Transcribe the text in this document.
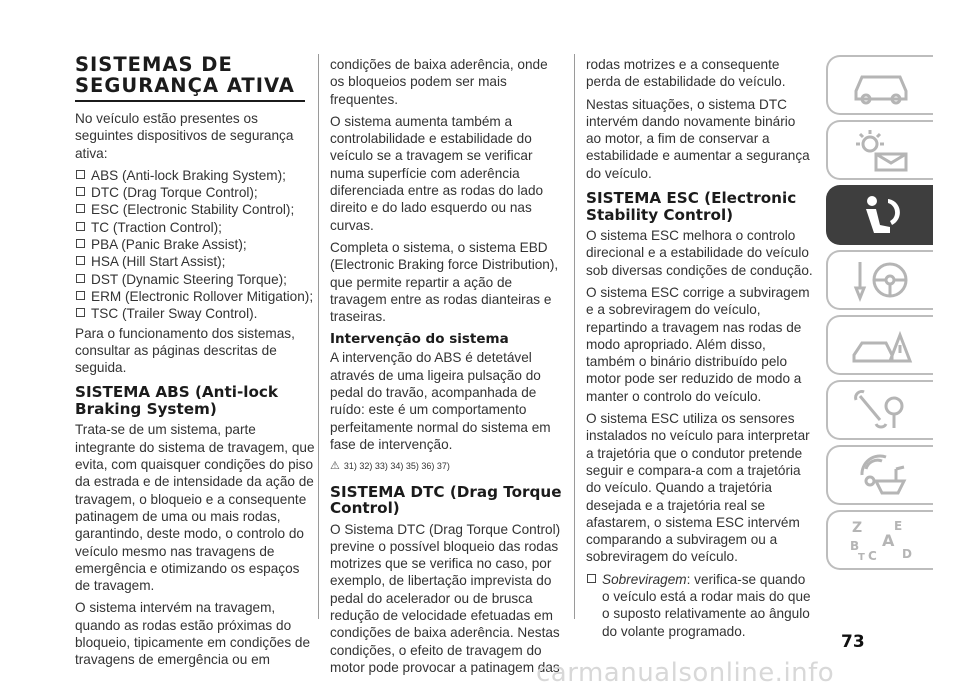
SISTEMAS DE
SEGURANÇA ATIVA

No veículo estão presentes os seguintes dispositivos de segurança ativa:

ABS (Anti-lock Braking System);
DTC (Drag Torque Control);
ESC (Electronic Stability Control);
TC (Traction Control);
PBA (Panic Brake Assist);
HSA (Hill Start Assist);
DST (Dynamic Steering Torque);
ERM (Electronic Rollover Mitigation);
TSC (Trailer Sway Control).

Para o funcionamento dos sistemas, consultar as páginas descritas de seguida.

SISTEMA ABS (Anti-lock Braking System)

Trata-se de um sistema, parte integrante do sistema de travagem, que evita, com quaisquer condições do piso da estrada e de intensidade da ação de travagem, o bloqueio e a consequente patinagem de uma ou mais rodas, garantindo, deste modo, o controlo do veículo mesmo nas travagens de emergência e otimizando os espaços de travagem.

O sistema intervém na travagem, quando as rodas estão próximas do bloqueio, tipicamente em condições de travagens de emergência ou em

condições de baixa aderência, onde os bloqueios podem ser mais frequentes.

O sistema aumenta também a controlabilidade e estabilidade do veículo se a travagem se verificar numa superfície com aderência diferenciada entre as rodas do lado direito e do lado esquerdo ou nas curvas.

Completa o sistema, o sistema EBD (Electronic Braking force Distribution), que permite repartir a ação de travagem entre as rodas dianteiras e traseiras.

Intervenção do sistema

A intervenção do ABS é detetável através de uma ligeira pulsação do pedal do travão, acompanhada de ruído: este é um comportamento perfeitamente normal do sistema em fase de intervenção.

⚠ 31) 32) 33) 34) 35) 36) 37)
SISTEMA DTC (Drag Torque Control)

O Sistema DTC (Drag Torque Control) previne o possível bloqueio das rodas motrizes que se verifica no caso, por exemplo, de libertação imprevista do pedal do acelerador ou de brusca redução de velocidade efetuadas em condições de baixa aderência. Nestas condições, o efeito de travagem do motor pode provocar a patinagem das

rodas motrizes e a consequente perda de estabilidade do veículo.

Nestas situações, o sistema DTC intervém dando novamente binário ao motor, a fim de conservar a estabilidade e aumentar a segurança do veículo.

SISTEMA ESC (Electronic Stability Control)

O sistema ESC melhora o controlo direcional e a estabilidade do veículo sob diversas condições de condução.

O sistema ESC corrige a subviragem e a sobreviragem do veículo, repartindo a travagem nas rodas de modo apropriado. Além disso, também o binário distribuído pelo motor pode ser reduzido de modo a manter o controlo do veículo.

O sistema ESC utiliza os sensores instalados no veículo para interpretar a trajetória que o condutor pretende seguir e compara-a com a trajetória do veículo. Quando a trajetória desejada e a trajetória real se afastarem, o sistema ESC intervém comparando a subviragem ou a sobreviragem do veículo.

Sobreviragem: verifica-se quando o veículo está a rodar mais do que o suposto relativamente ao ângulo do volante programado.
Z	E
A
B
C
T	D
73
carmanualsonline.info
